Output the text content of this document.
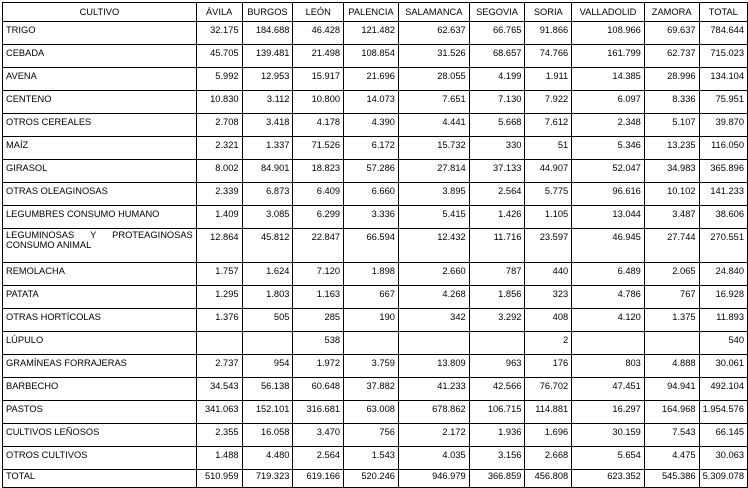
CULTIVO	ÁVILA	BURGOS	LEÓN	PALENCIA	SALAMANCA	SEGOVIA	SORIA	VALLADOLID	ZAMORA	TOTAL
TRIGO	32.175	184.688	46.428	121.482	62.637	66.765	91.866	108.966	69.637	784.644
CEBADA	45.705	139.481	21.498	108.854	31.526	68.657	74.766	161.799	62.737	715.023
AVENA	5.992	12.953	15.917	21.696	28.055	4.199	1.911	14.385	28.996	134.104
CENTENO	10.830	3.112	10.800	14.073	7.651	7.130	7.922	6.097	8.336	75.951
OTROS CEREALES	2.708	3.418	4.178	4.390	4.441	5.668	7.612	2.348	5.107	39.870
MAÍZ	2.321	1.337	71.526	6.172	15.732	330	51	5.346	13.235	116.050
GIRASOL	8.002	84.901	18.823	57.286	27.814	37.133	44.907	52.047	34.983	365.896
OTRAS OLEAGINOSAS	2.339	6.873	6.409	6.660	3.895	2.564	5.775	96.616	10.102	141.233
LEGUMBRES CONSUMO HUMANO	1.409	3.085	6.299	3.336	5.415	1.426	1.105	13.044	3.487	38.606
LEGUMINOSAS Y PROTEAGINOSAS CONSUMO ANIMAL	12.864	45.812	22.847	66.594	12.432	11.716	23.597	46.945	27.744	270.551
REMOLACHA	1.757	1.624	7.120	1.898	2.660	787	440	6.489	2.065	24.840
PATATA	1.295	1.803	1.163	667	4.268	1.856	323	4.786	767	16.928
OTRAS HORTÍCOLAS	1.376	505	285	190	342	3.292	408	4.120	1.375	11.893
LÚPULO			538				2			540
GRAMÍNEAS FORRAJERAS	2.737	954	1.972	3.759	13.809	963	176	803	4.888	30.061
BARBECHO	34.543	56.138	60.648	37.882	41.233	42.566	76.702	47.451	94.941	492.104
PASTOS	341.063	152.101	316.681	63.008	678.862	106.715	114.881	16.297	164.968	1.954.576
CULTIVOS LEÑOSOS	2.355	16.058	3.470	756	2.172	1.936	1.696	30.159	7.543	66.145
OTROS CULTIVOS	1.488	4.480	2.564	1.543	4.035	3.156	2.668	5.654	4.475	30.063
TOTAL	510.959	719.323	619.166	520.246	946.979	366.859	456.808	623.352	545.386	5.309.078
